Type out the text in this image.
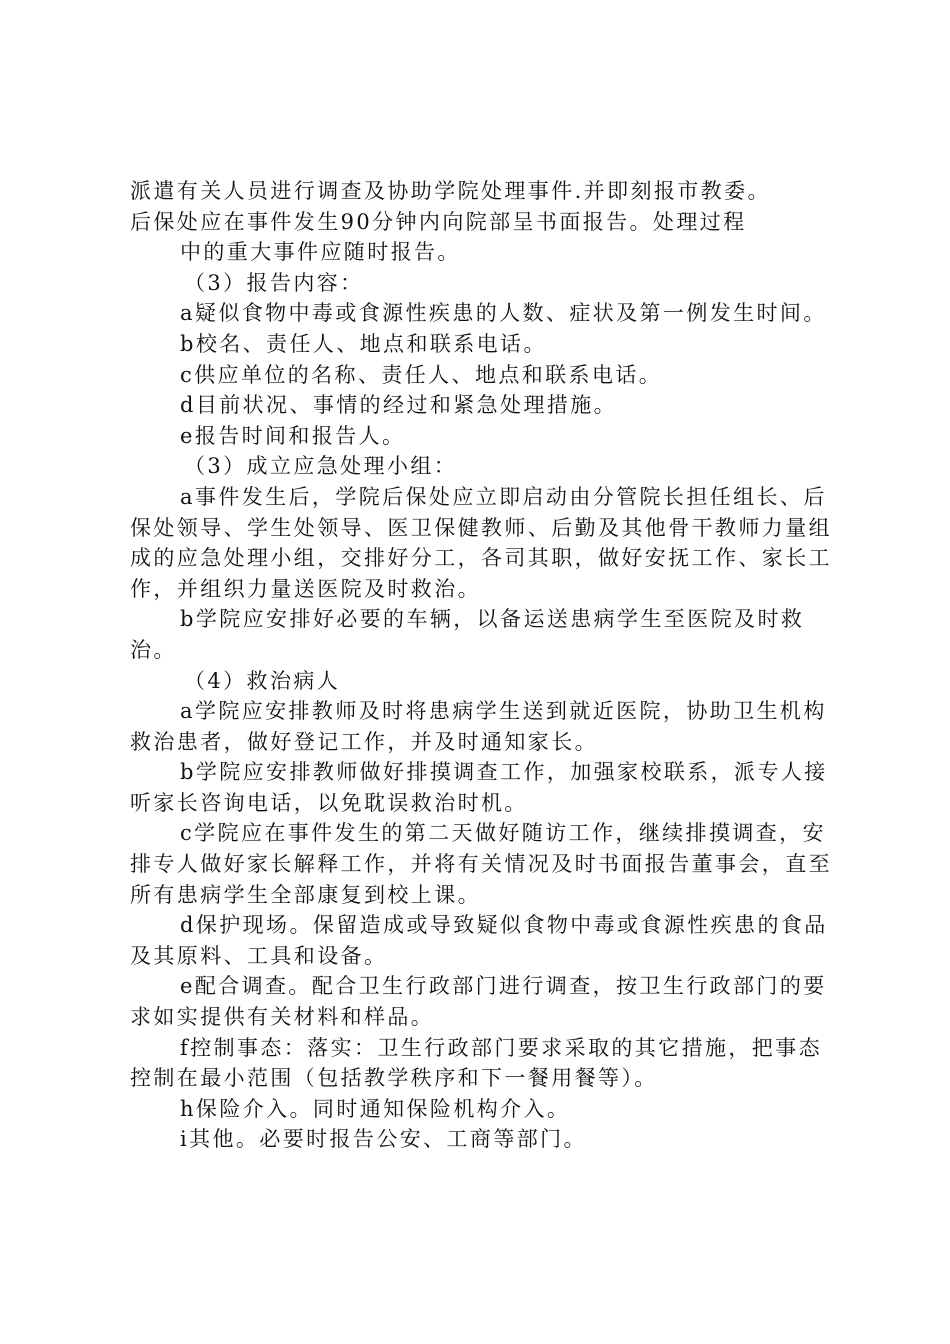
派遣有关人员进行调查及协助学院处理事件.并即刻报市教委。

后保处应在事件发生90分钟内向院部呈书面报告。处理过程

中的重大事件应随时报告。

（3）报告内容：

a疑似食物中毒或食源性疾患的人数、症状及第一例发生时间。

b校名、责任人、地点和联系电话。

c供应单位的名称、责任人、地点和联系电话。

d目前状况、事情的经过和紧急处理措施。

e报告时间和报告人。

（3）成立应急处理小组：

a事件发生后，学院后保处应立即启动由分管院长担任组长、后保处领导、学生处领导、医卫保健教师、后勤及其他骨干教师力量组成的应急处理小组，交排好分工，各司其职，做好安抚工作、家长工作，并组织力量送医院及时救治。

b学院应安排好必要的车辆，以备运送患病学生至医院及时救治。

（4）救治病人

a学院应安排教师及时将患病学生送到就近医院，协助卫生机构救治患者，做好登记工作，并及时通知家长。

b学院应安排教师做好排摸调查工作，加强家校联系，派专人接听家长咨询电话，以免耽误救治时机。

c学院应在事件发生的第二天做好随访工作，继续排摸调查，安排专人做好家长解释工作，并将有关情况及时书面报告董事会，直至所有患病学生全部康复到校上课。

d保护现场。保留造成或导致疑似食物中毒或食源性疾患的食品及其原料、工具和设备。

e配合调查。配合卫生行政部门进行调查，按卫生行政部门的要求如实提供有关材料和样品。

f控制事态：落实：卫生行政部门要求采取的其它措施，把事态控制在最小范围（包括教学秩序和下一餐用餐等）。

h保险介入。同时通知保险机构介入。

i其他。必要时报告公安、工商等部门。
